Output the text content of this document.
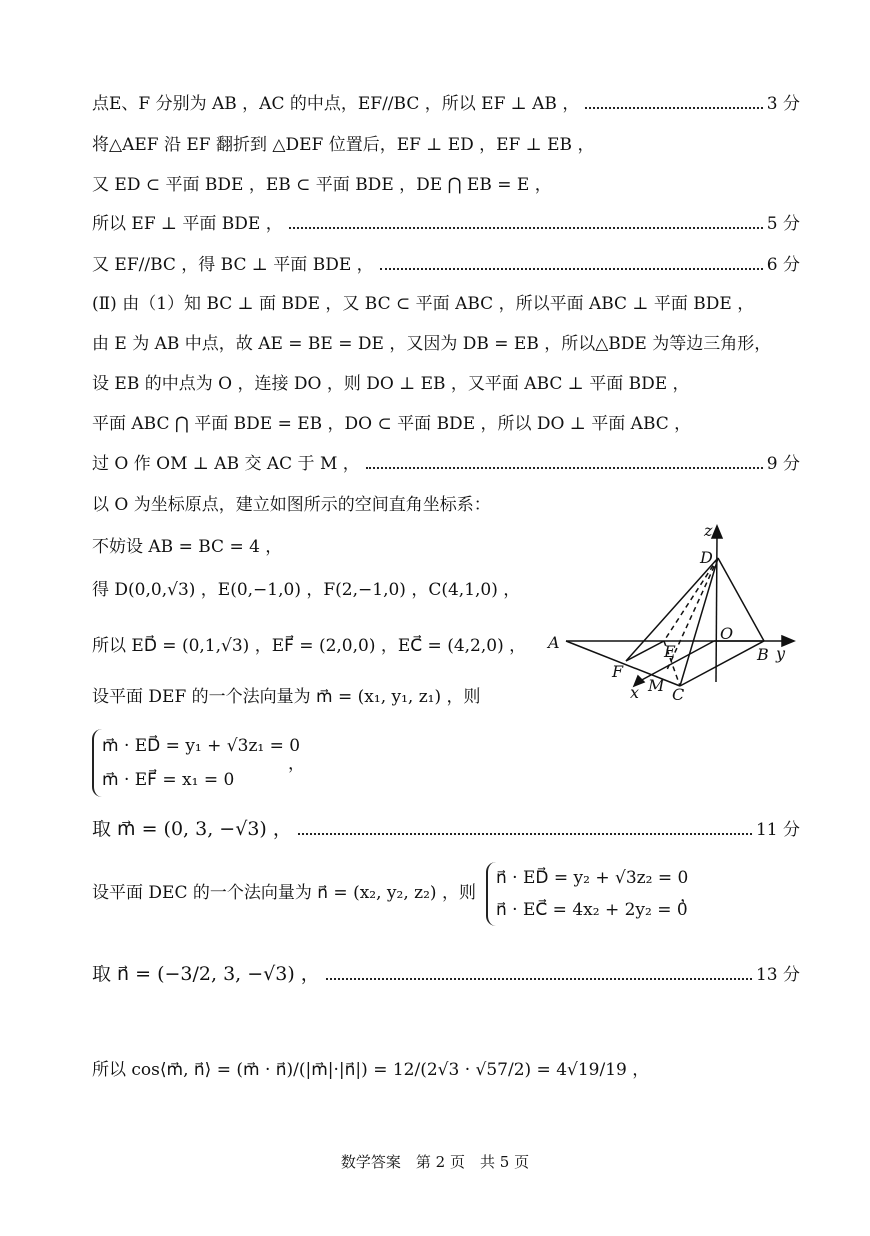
点E、F 分别为 AB ，AC 的中点，EF//BC ，所以 EF ⊥ AB ，	3 分
将△AEF 沿 EF 翻折到 △DEF 位置后，EF ⊥ ED ，EF ⊥ EB ，
又 ED ⊂ 平面 BDE ，EB ⊂ 平面 BDE ，DE ⋂ EB = E ，
所以 EF ⊥ 平面 BDE ，	5 分
又 EF//BC ，得 BC ⊥ 平面 BDE ，	6 分
(Ⅱ) 由（1）知 BC ⊥ 面 BDE ，又 BC ⊂ 平面 ABC ，所以平面 ABC ⊥ 平面 BDE ，
由 E 为 AB 中点，故 AE = BE = DE ，又因为 DB = EB ，所以△BDE 为等边三角形，
设 EB 的中点为 O ，连接 DO ，则 DO ⊥ EB ，又平面 ABC ⊥ 平面 BDE ，
平面 ABC ⋂ 平面 BDE = EB ，DO ⊂ 平面 BDE ，所以 DO ⊥ 平面 ABC ，
过 O 作 OM ⊥ AB 交 AC 于 M ，	9 分
以 O 为坐标原点，建立如图所示的空间直角坐标系：
不妨设 AB = BC = 4 ，
得 D(0,0,√3) ，E(0,−1,0) ，F(2,−1,0) ，C(4,1,0) ，
所以 ED⃗ = (0,1,√3) ，EF⃗ = (2,0,0) ，EC⃗ = (4,2,0) ，
设平面 DEF 的一个法向量为 m⃗ = (x₁, y₁, z₁) ，则
m⃗ · ED⃗ = y₁ + √3z₁ = 0
m⃗ · EF⃗ = x₁ = 0
，
取 m⃗ = (0, 3, −√3) ，	11 分
设平面 DEC 的一个法向量为 n⃗ = (x₂, y₂, z₂) ，则
n⃗ · ED⃗ = y₂ + √3z₂ = 0
n⃗ · EC⃗ = 4x₂ + 2y₂ = 0
，
取 n⃗ = (−3/2, 3, −√3) ，	13 分
所以 cos⟨m⃗, n⃗⟩ = (m⃗ · n⃗)/(|m⃗|·|n⃗|) = 12/(2√3 · √57/2) = 4√19/19 ，
z
D
O
A	E	B y
F
x M C
数学答案　第 2 页　共 5 页
